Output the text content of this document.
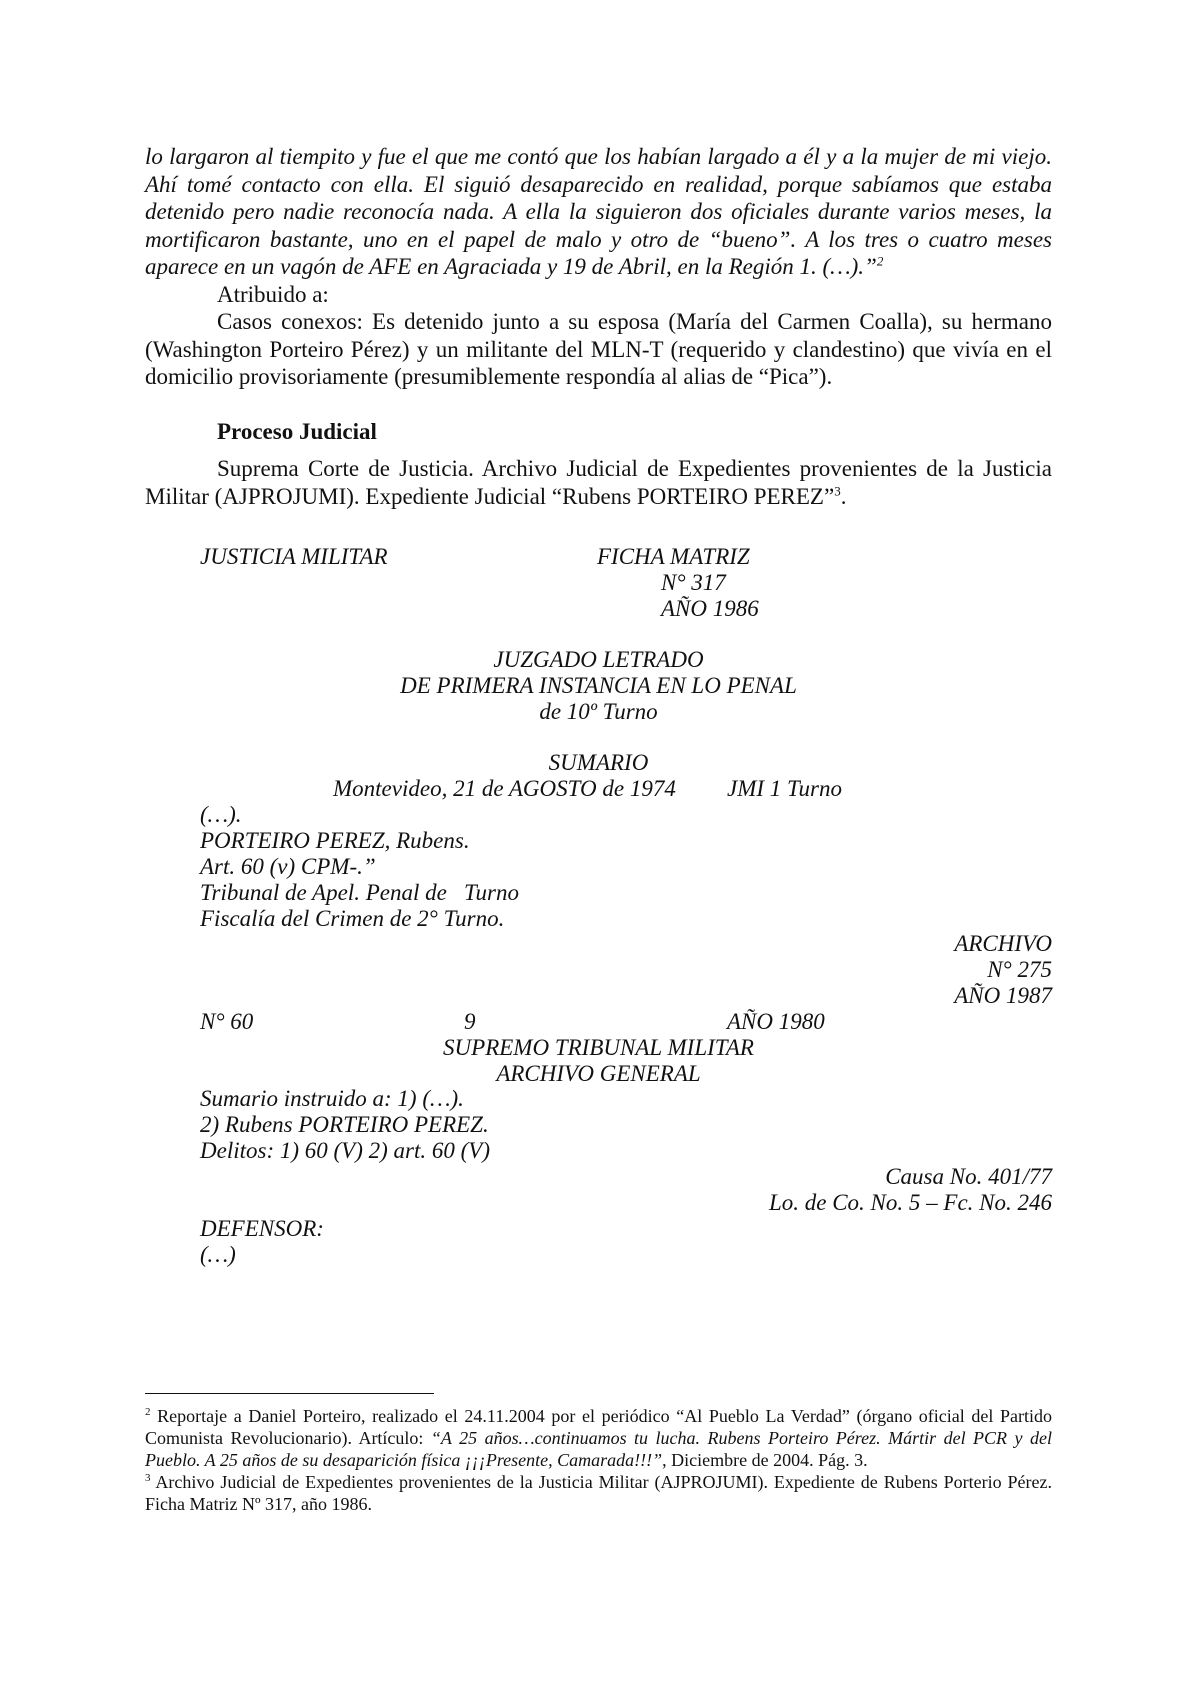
lo largaron al tiempito y fue el que me contó que los habían largado a él y a la mujer de mi viejo. Ahí tomé contacto con ella. El siguió desaparecido en realidad, porque sabíamos que estaba detenido pero nadie reconocía nada. A ella la siguieron dos oficiales durante varios meses, la mortificaron bastante, uno en el papel de malo y otro de “bueno”. A los tres o cuatro meses aparece en un vagón de AFE en Agraciada y 19 de Abril, en la Región 1. (…).”$^2$

Atribuido a:

Casos conexos: Es detenido junto a su esposa (María del Carmen Coalla), su hermano (Washington Porteiro Pérez) y un militante del MLN-T (requerido y clandestino) que vivía en el domicilio provisoriamente (presumiblemente respondía al alias de “Pica”).

Proceso Judicial

Suprema Corte de Justicia. Archivo Judicial de Expedientes provenientes de la Justicia Militar (AJPROJUMI). Expediente Judicial “Rubens PORTEIRO PEREZ”$^3$.

JUSTICIA MILITAR	FICHA MATRIZ
N° 317
AÑO 1986
JUZGADO LETRADO
DE PRIMERA INSTANCIA EN LO PENAL
de 10º Turno
SUMARIO
Montevideo, 21 de AGOSTO de 1974 JMI 1 Turno
(…).
PORTEIRO PEREZ, Rubens.
Art. 60 (v) CPM-.”
Tribunal de Apel. Penal de Turno
Fiscalía del Crimen de 2° Turno.
ARCHIVO
N° 275
AÑO 1987
N° 60	9	AÑO 1980
SUPREMO TRIBUNAL MILITAR
ARCHIVO GENERAL
Sumario instruido a: 1) (…).
2) Rubens PORTEIRO PEREZ.
Delitos: 1) 60 (V) 2) art. 60 (V)
Causa No. 401/77
Lo. de Co. No. 5 – Fc. No. 246
DEFENSOR:
(…)

$^2$ Reportaje a Daniel Porteiro, realizado el 24.11.2004 por el periódico “Al Pueblo La Verdad” (órgano oficial del Partido Comunista Revolucionario). Artículo: “A 25 años…continuamos tu lucha. Rubens Porteiro Pérez. Mártir del PCR y del Pueblo. A 25 años de su desaparición física ¡¡¡Presente, Camarada!!!”, Diciembre de 2004. Pág. 3.

$^3$ Archivo Judicial de Expedientes provenientes de la Justicia Militar (AJPROJUMI). Expediente de Rubens Porterio Pérez. Ficha Matriz Nº 317, año 1986.
